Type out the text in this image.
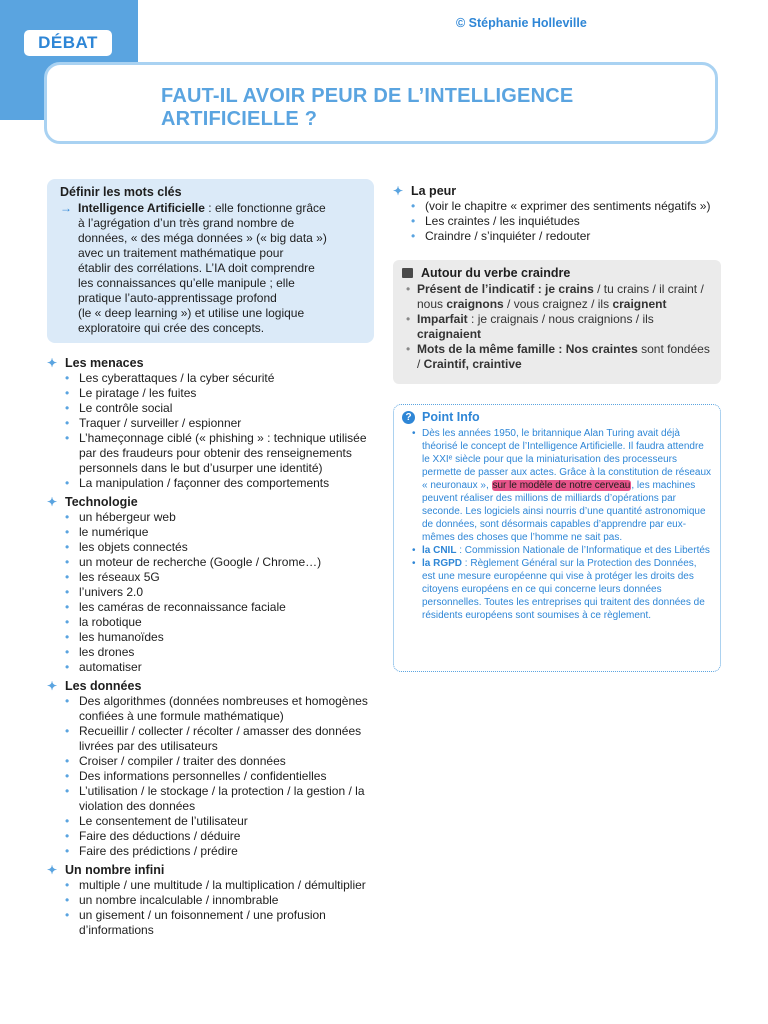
DÉBAT
© Stéphanie Holleville
FAUT-IL AVOIR PEUR DE L’INTELLIGENCE
ARTIFICIELLE ?
Définir les mots clés
→ Intelligence Artificielle : elle fonctionne grâce
à l’agrégation d’un très grand nombre de
données, « des méga données » (« big data »)
avec un traitement mathématique pour
établir des corrélations. L’IA doit comprendre
les connaissances qu’elle manipule ; elle
pratique l’auto-apprentissage profond
(le « deep learning ») et utilise une logique
exploratoire qui crée des concepts.
✦ Les menaces
• Les cyberattaques / la cyber sécurité
• Le piratage / les fuites
• Le contrôle social
• Traquer / surveiller / espionner
• L’hameçonnage ciblé (« phishing » : technique utilisée par des fraudeurs pour obtenir des renseignements personnels dans le but d’usurper une identité)
• La manipulation / façonner des comportements
✦ Technologie
• un hébergeur web
• le numérique
• les objets connectés
• un moteur de recherche (Google / Chrome…)
• les réseaux 5G
• l’univers 2.0
• les caméras de reconnaissance faciale
• la robotique
• les humanoïdes
• les drones
• automatiser
✦ Les données
• Des algorithmes (données nombreuses et homogènes confiées à une formule mathématique)
• Recueillir / collecter / récolter / amasser des données livrées par des utilisateurs
• Croiser / compiler / traiter des données
• Des informations personnelles / confidentielles
• L’utilisation / le stockage / la protection / la gestion / la violation des données
• Le consentement de l’utilisateur
• Faire des déductions / déduire
• Faire des prédictions / prédire
✦ Un nombre infini
• multiple / une multitude / la multiplication / démultiplier
• un nombre incalculable / innombrable
• un gisement / un foisonnement / une profusion d’informations
✦ La peur
• (voir le chapitre « exprimer des sentiments négatifs »)
• Les craintes / les inquiétudes
• Craindre / s’inquiéter / redouter
Autour du verbe craindre
• Présent de l’indicatif : je crains / tu crains / il craint / nous craignons / vous craignez / ils craignent
• Imparfait : je craignais / nous craignions / ils craignaient
• Mots de la même famille : Nos craintes sont fondées / Craintif, craintive
? Point Info
• Dès les années 1950, le britannique Alan Turing avait déjà théorisé le concept de l’Intelligence Artificielle. Il faudra attendre le XXIᵉ siècle pour que la miniaturisation des processeurs permette de passer aux actes. Grâce à la constitution de réseaux « neuronaux », sur le modèle de notre cerveau, les machines peuvent réaliser des millions de milliards d’opérations par seconde. Les logiciels ainsi nourris d’une quantité astronomique de données, sont désormais capables d’apprendre par eux-mêmes des choses que l’homme ne sait pas.
• la CNIL : Commission Nationale de l’Informatique et des Libertés
• la RGPD : Règlement Général sur la Protection des Données, est une mesure européenne qui vise à protéger les droits des citoyens européens en ce qui concerne leurs données personnelles. Toutes les entreprises qui traitent des données de résidents européens sont soumises à ce règlement.
